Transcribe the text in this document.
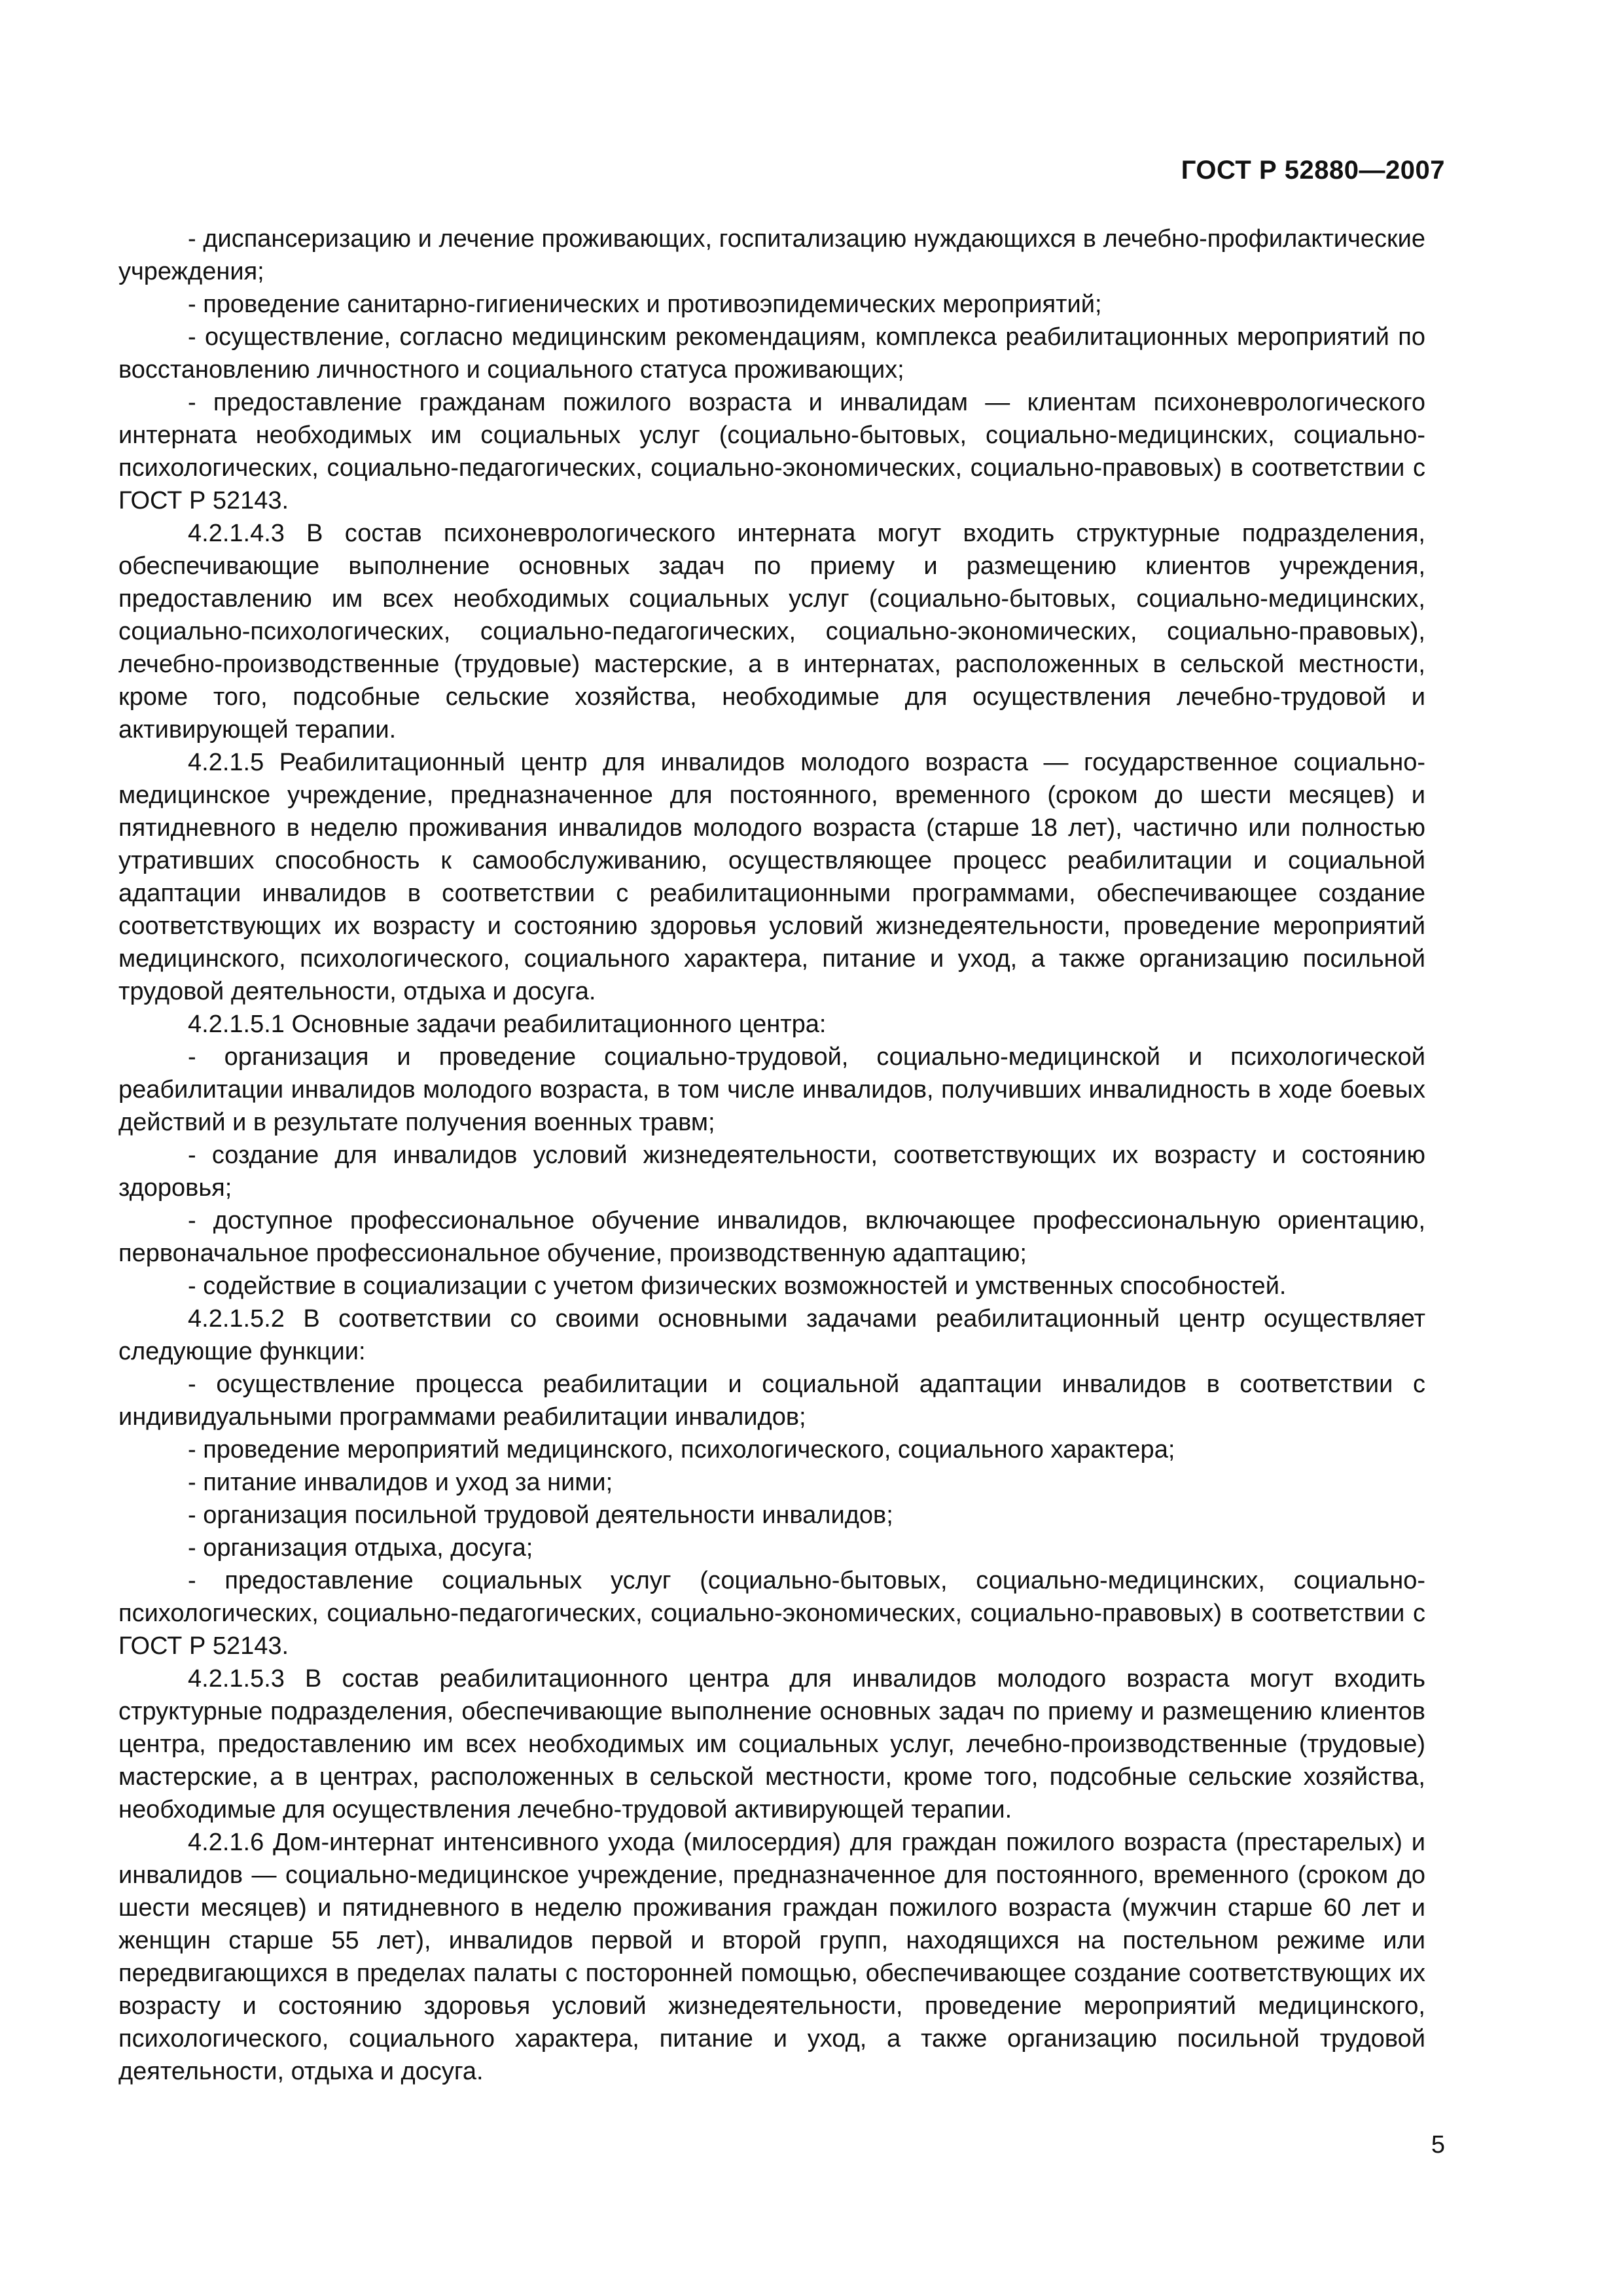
ГОСТ Р 52880—2007

- диспансеризацию и лечение проживающих, госпитализацию нуждающихся в лечебно-профилактические учреждения;

- проведение санитарно-гигиенических и противоэпидемических мероприятий;

- осуществление, согласно медицинским рекомендациям, комплекса реабилитационных мероприятий по восстановлению личностного и социального статуса проживающих;

- предоставление гражданам пожилого возраста и инвалидам — клиентам психоневрологического интерната необходимых им социальных услуг (социально-бытовых, социально-медицинских, социально-психологических, социально-педагогических, социально-экономических, социально-правовых) в соответствии с ГОСТ Р 52143.

4.2.1.4.3 В состав психоневрологического интерната могут входить структурные подразделения, обеспечивающие выполнение основных задач по приему и размещению клиентов учреждения, предоставлению им всех необходимых социальных услуг (социально-бытовых, социально-медицинских, социально-психологических, социально-педагогических, социально-экономических, социально-правовых), лечебно-производственные (трудовые) мастерские, а в интернатах, расположенных в сельской местности, кроме того, подсобные сельские хозяйства, необходимые для осуществления лечебно-трудовой и активирующей терапии.

4.2.1.5 Реабилитационный центр для инвалидов молодого возраста — государственное социально-медицинское учреждение, предназначенное для постоянного, временного (сроком до шести месяцев) и пятидневного в неделю проживания инвалидов молодого возраста (старше 18 лет), частично или полностью утративших способность к самообслуживанию, осуществляющее процесс реабилитации и социальной адаптации инвалидов в соответствии с реабилитационными программами, обеспечивающее создание соответствующих их возрасту и состоянию здоровья условий жизнедеятельности, проведение мероприятий медицинского, психологического, социального характера, питание и уход, а также организацию посильной трудовой деятельности, отдыха и досуга.

4.2.1.5.1 Основные задачи реабилитационного центра:

- организация и проведение социально-трудовой, социально-медицинской и психологической реабилитации инвалидов молодого возраста, в том числе инвалидов, получивших инвалидность в ходе боевых действий и в результате получения военных травм;

- создание для инвалидов условий жизнедеятельности, соответствующих их возрасту и состоянию здоровья;

- доступное профессиональное обучение инвалидов, включающее профессиональную ориентацию, первоначальное профессиональное обучение, производственную адаптацию;

- содействие в социализации с учетом физических возможностей и умственных способностей.

4.2.1.5.2 В соответствии со своими основными задачами реабилитационный центр осуществляет следующие функции:

- осуществление процесса реабилитации и социальной адаптации инвалидов в соответствии с индивидуальными программами реабилитации инвалидов;

- проведение мероприятий медицинского, психологического, социального характера;

- питание инвалидов и уход за ними;

- организация посильной трудовой деятельности инвалидов;

- организация отдыха, досуга;

- предоставление социальных услуг (социально-бытовых, социально-медицинских, социально-психологических, социально-педагогических, социально-экономических, социально-правовых) в соответствии с ГОСТ Р 52143.

4.2.1.5.3 В состав реабилитационного центра для инвалидов молодого возраста могут входить структурные подразделения, обеспечивающие выполнение основных задач по приему и размещению клиентов центра, предоставлению им всех необходимых им социальных услуг, лечебно-производственные (трудовые) мастерские, а в центрах, расположенных в сельской местности, кроме того, подсобные сельские хозяйства, необходимые для осуществления лечебно-трудовой активирующей терапии.

4.2.1.6 Дом-интернат интенсивного ухода (милосердия) для граждан пожилого возраста (престарелых) и инвалидов — социально-медицинское учреждение, предназначенное для постоянного, временного (сроком до шести месяцев) и пятидневного в неделю проживания граждан пожилого возраста (мужчин старше 60 лет и женщин старше 55 лет), инвалидов первой и второй групп, находящихся на постельном режиме или передвигающихся в пределах палаты с посторонней помощью, обеспечивающее создание соответствующих их возрасту и состоянию здоровья условий жизнедеятельности, проведение мероприятий медицинского, психологического, социального характера, питание и уход, а также организацию посильной трудовой деятельности, отдыха и досуга.

5
